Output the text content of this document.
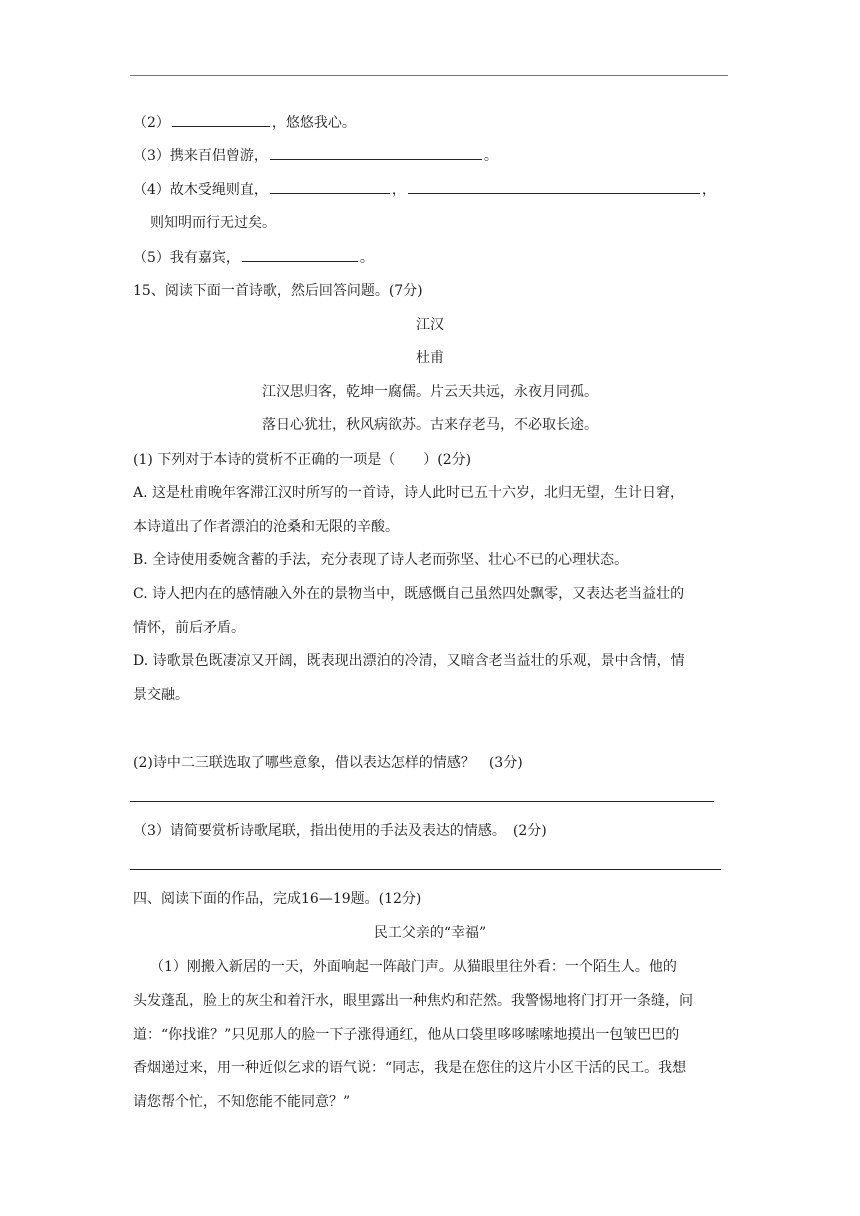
（2）	，悠悠我心。
（3）携来百侣曾游，	。
（4）故木受绳则直，	，	，
则知明而行无过矣。
（5）我有嘉宾，	。
15、阅读下面一首诗歌，然后回答问题。(7分)
江汉
杜甫
江汉思归客，乾坤一腐儒。片云天共远，永夜月同孤。
落日心犹壮，秋风病欲苏。古来存老马，不必取长途。
(1) 下列对于本诗的赏析不正确的一项是（　　）(2分)
A. 这是杜甫晚年客滞江汉时所写的一首诗，诗人此时已五十六岁，北归无望，生计日窘，
本诗道出了作者漂泊的沧桑和无限的辛酸。
B. 全诗使用委婉含蓄的手法，充分表现了诗人老而弥坚、壮心不已的心理状态。
C. 诗人把内在的感情融入外在的景物当中，既感慨自己虽然四处飘零，又表达老当益壮的
情怀，前后矛盾。
D. 诗歌景色既凄凉又开阔，既表现出漂泊的冷清，又暗含老当益壮的乐观，景中含情，情
景交融。
(2)诗中二三联选取了哪些意象，借以表达怎样的情感？　(3分)
（3）请简要赏析诗歌尾联，指出使用的手法及表达的情感。　(2分)
四、阅读下面的作品，完成16—19题。(12分)
民工父亲的“幸福”
（1）刚搬入新居的一天，外面响起一阵敲门声。从猫眼里往外看：一个陌生人。他的
头发蓬乱，脸上的灰尘和着汗水，眼里露出一种焦灼和茫然。我警惕地将门打开一条缝，问
道：“你找谁？”只见那人的脸一下子涨得通红，他从口袋里哆哆嗦嗦地摸出一包皱巴巴的
香烟递过来，用一种近似乞求的语气说：“同志，我是在您住的这片小区干活的民工。我想
请您帮个忙，不知您能不能同意？”
